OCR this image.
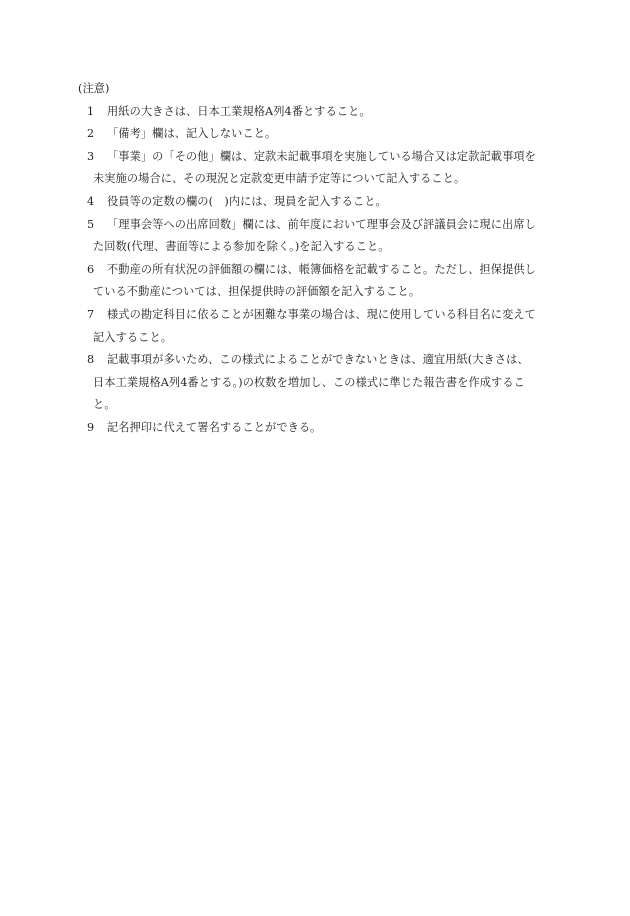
(注意)
1 用紙の大きさは、日本工業規格A列4番とすること。
2 「備考」欄は、記入しないこと。
3 「事業」の「その他」欄は、定款未記載事項を実施している場合又は定款記載事項を
未実施の場合に、その現況と定款変更申請予定等について記入すること。
4 役員等の定数の欄の(　)内には、現員を記入すること。
5 「理事会等への出席回数」欄には、前年度において理事会及び評議員会に現に出席し
た回数(代理、書面等による参加を除く。)を記入すること。
6 不動産の所有状況の評価額の欄には、帳簿価格を記載すること。ただし、担保提供し
ている不動産については、担保提供時の評価額を記入すること。
7 様式の勘定科目に依ることが困難な事業の場合は、現に使用している科目名に変えて
記入すること。
8 記載事項が多いため、この様式によることができないときは、適宜用紙(大きさは、
日本工業規格A列4番とする。)の枚数を増加し、この様式に準じた報告書を作成するこ
と。
9 記名押印に代えて署名することができる。
